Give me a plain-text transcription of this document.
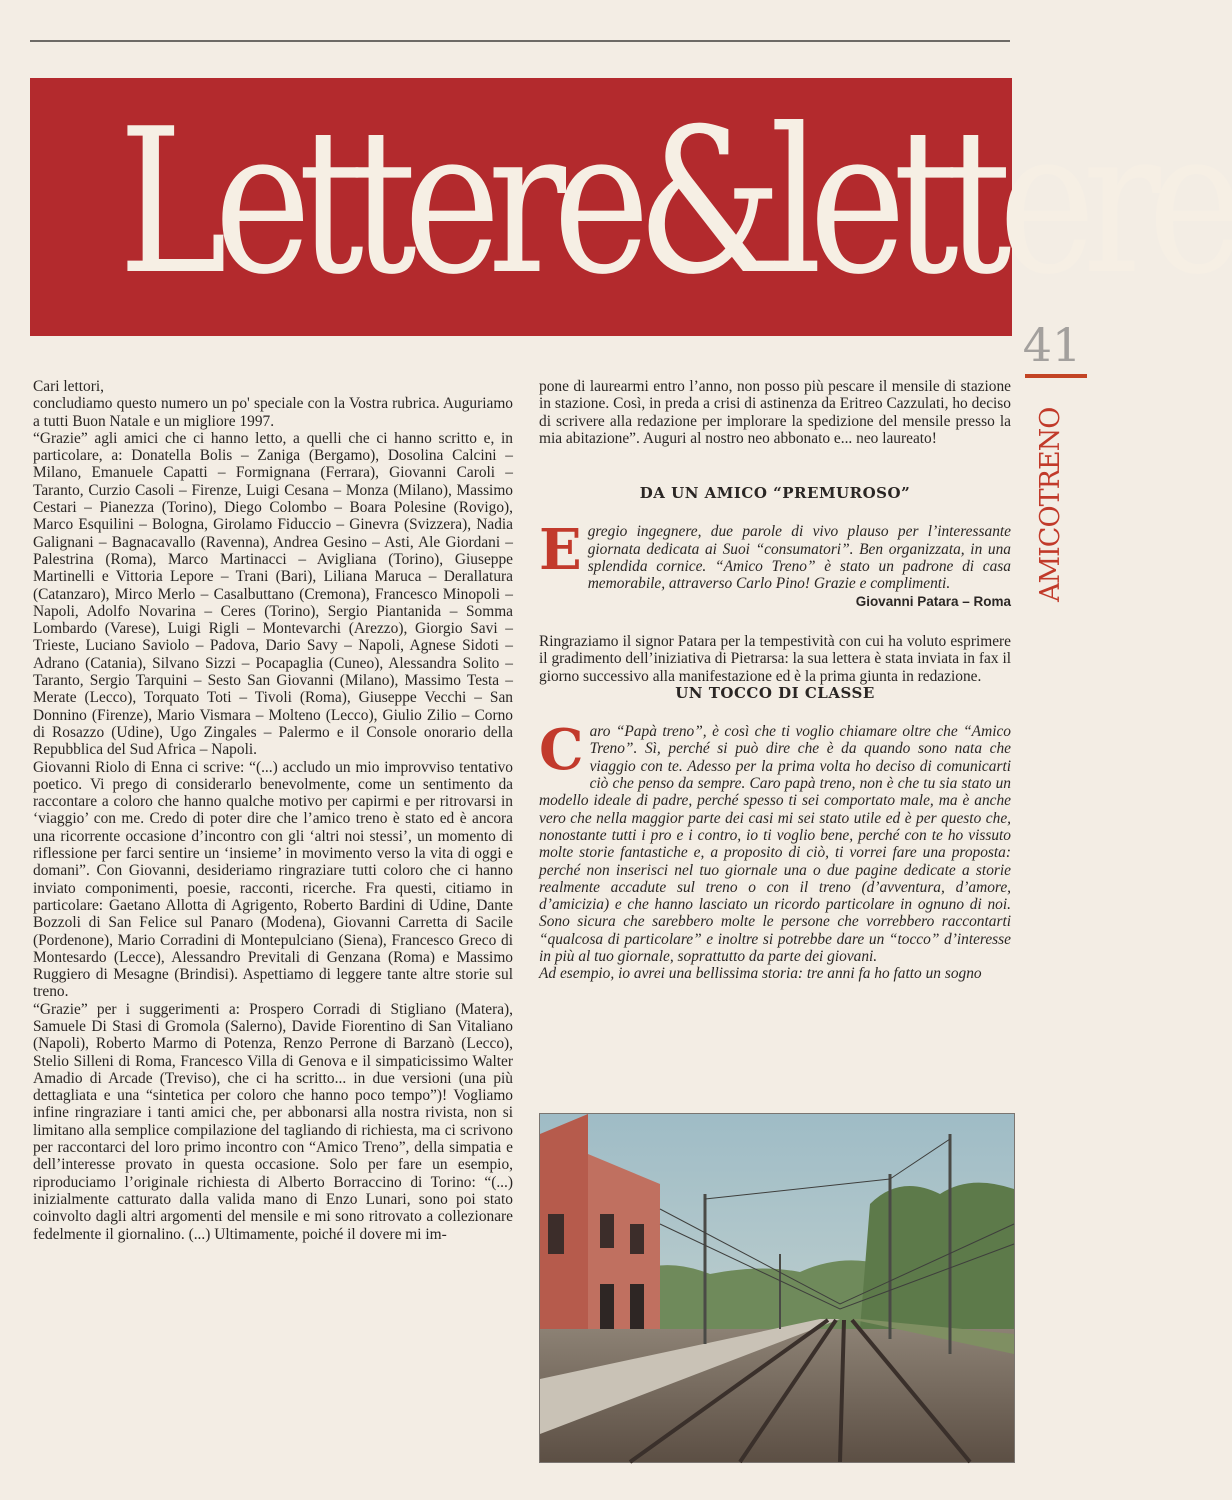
Lettere&lettere
41
AMICOTRENO

Cari lettori,

concludiamo questo numero un po' speciale con la Vostra rubrica. Auguriamo a tutti Buon Natale e un migliore 1997.

“Grazie” agli amici che ci hanno letto, a quelli che ci hanno scritto e, in particolare, a: Donatella Bolis – Zaniga (Bergamo), Dosolina Calcini – Milano, Emanuele Capatti – Formignana (Ferrara), Giovanni Caroli – Taranto, Curzio Casoli – Firenze, Luigi Cesana – Monza (Milano), Massimo Cestari – Pianezza (Torino), Diego Colombo – Boara Polesine (Rovigo), Marco Esquilini – Bologna, Girolamo Fiduccio – Ginevra (Svizzera), Nadia Galignani – Bagnacavallo (Ravenna), Andrea Gesino – Asti, Ale Giordani – Palestrina (Roma), Marco Martinacci – Avigliana (Torino), Giuseppe Martinelli e Vittoria Lepore – Trani (Bari), Liliana Maruca – Derallatura (Catanzaro), Mirco Merlo – Casalbuttano (Cremona), Francesco Minopoli – Napoli, Adolfo Novarina – Ceres (Torino), Sergio Piantanida – Somma Lombardo (Varese), Luigi Rigli – Montevarchi (Arezzo), Giorgio Savi – Trieste, Luciano Saviolo – Padova, Dario Savy – Napoli, Agnese Sidoti – Adrano (Catania), Silvano Sizzi – Pocapaglia (Cuneo), Alessandra Solito – Taranto, Sergio Tarquini – Sesto San Giovanni (Milano), Massimo Testa – Merate (Lecco), Torquato Toti – Tivoli (Roma), Giuseppe Vecchi – San Donnino (Firenze), Mario Vismara – Molteno (Lecco), Giulio Zilio – Corno di Rosazzo (Udine), Ugo Zingales – Palermo e il Console onorario della Repubblica del Sud Africa – Napoli.

Giovanni Riolo di Enna ci scrive: “(...) accludo un mio improvviso tentativo poetico. Vi prego di considerarlo benevolmente, come un sentimento da raccontare a coloro che hanno qualche motivo per capirmi e per ritrovarsi in ‘viaggio’ con me. Credo di poter dire che l’amico treno è stato ed è ancora una ricorrente occasione d’incontro con gli ‘altri noi stessi’, un momento di riflessione per farci sentire un ‘insieme’ in movimento verso la vita di oggi e domani”. Con Giovanni, desideriamo ringraziare tutti coloro che ci hanno inviato componimenti, poesie, racconti, ricerche. Fra questi, citiamo in particolare: Gaetano Allotta di Agrigento, Roberto Bardini di Udine, Dante Bozzoli di San Felice sul Panaro (Modena), Giovanni Carretta di Sacile (Pordenone), Mario Corradini di Montepulciano (Siena), Francesco Greco di Montesardo (Lecce), Alessandro Previtali di Genzana (Roma) e Massimo Ruggiero di Mesagne (Brindisi). Aspettiamo di leggere tante altre storie sul treno.

“Grazie” per i suggerimenti a: Prospero Corradi di Stigliano (Matera), Samuele Di Stasi di Gromola (Salerno), Davide Fiorentino di San Vitaliano (Napoli), Roberto Marmo di Potenza, Renzo Perrone di Barzanò (Lecco), Stelio Silleni di Roma, Francesco Villa di Genova e il simpaticissimo Walter Amadio di Arcade (Treviso), che ci ha scritto... in due versioni (una più dettagliata e una “sintetica per coloro che hanno poco tempo”)! Vogliamo infine ringraziare i tanti amici che, per abbonarsi alla nostra rivista, non si limitano alla semplice compilazione del tagliando di richiesta, ma ci scrivono per raccontarci del loro primo incontro con “Amico Treno”, della simpatia e dell’interesse provato in questa occasione. Solo per fare un esempio, riproduciamo l’originale richiesta di Alberto Borraccino di Torino: “(...) inizialmente catturato dalla valida mano di Enzo Lunari, sono poi stato coinvolto dagli altri argomenti del mensile e mi sono ritrovato a collezionare fedelmente il giornalino. (...) Ultimamente, poiché il dovere mi im-

pone di laurearmi entro l’anno, non posso più pescare il mensile di stazione in stazione. Così, in preda a crisi di astinenza da Eritreo Cazzulati, ho deciso di scrivere alla redazione per implorare la spedizione del mensile presso la mia abitazione”. Auguri al nostro neo abbonato e... neo laureato!

DA UN AMICO “PREMUROSO”

Egregio ingegnere, due parole di vivo plauso per l’interessante giornata dedicata ai Suoi “consumatori”. Ben organizzata, in una splendida cornice. “Amico Treno” è stato un padrone di casa memorabile, attraverso Carlo Pino! Grazie e complimenti.

Giovanni Patara – Roma

Ringraziamo il signor Patara per la tempestività con cui ha voluto esprimere il gradimento dell’iniziativa di Pietrarsa: la sua lettera è stata inviata in fax il giorno successivo alla manifestazione ed è la prima giunta in redazione.

UN TOCCO DI CLASSE

Caro “Papà treno”, è così che ti voglio chiamare oltre che “Amico Treno”. Sì, perché si può dire che è da quando sono nata che viaggio con te. Adesso per la prima volta ho deciso di comunicarti ciò che penso da sempre. Caro papà treno, non è che tu sia stato un modello ideale di padre, perché spesso ti sei comportato male, ma è anche vero che nella maggior parte dei casi mi sei stato utile ed è per questo che, nonostante tutti i pro e i contro, io ti voglio bene, perché con te ho vissuto molte storie fantastiche e, a proposito di ciò, ti vorrei fare una proposta: perché non inserisci nel tuo giornale una o due pagine dedicate a storie realmente accadute sul treno o con il treno (d’avventura, d’amore, d’amicizia) e che hanno lasciato un ricordo particolare in ognuno di noi. Sono sicura che sarebbero molte le persone che vorrebbero raccontarti “qualcosa di particolare” e inoltre si potrebbe dare un “tocco” d’interesse in più al tuo giornale, soprattutto da parte dei giovani.

Ad esempio, io avrei una bellissima storia: tre anni fa ho fatto un sogno
